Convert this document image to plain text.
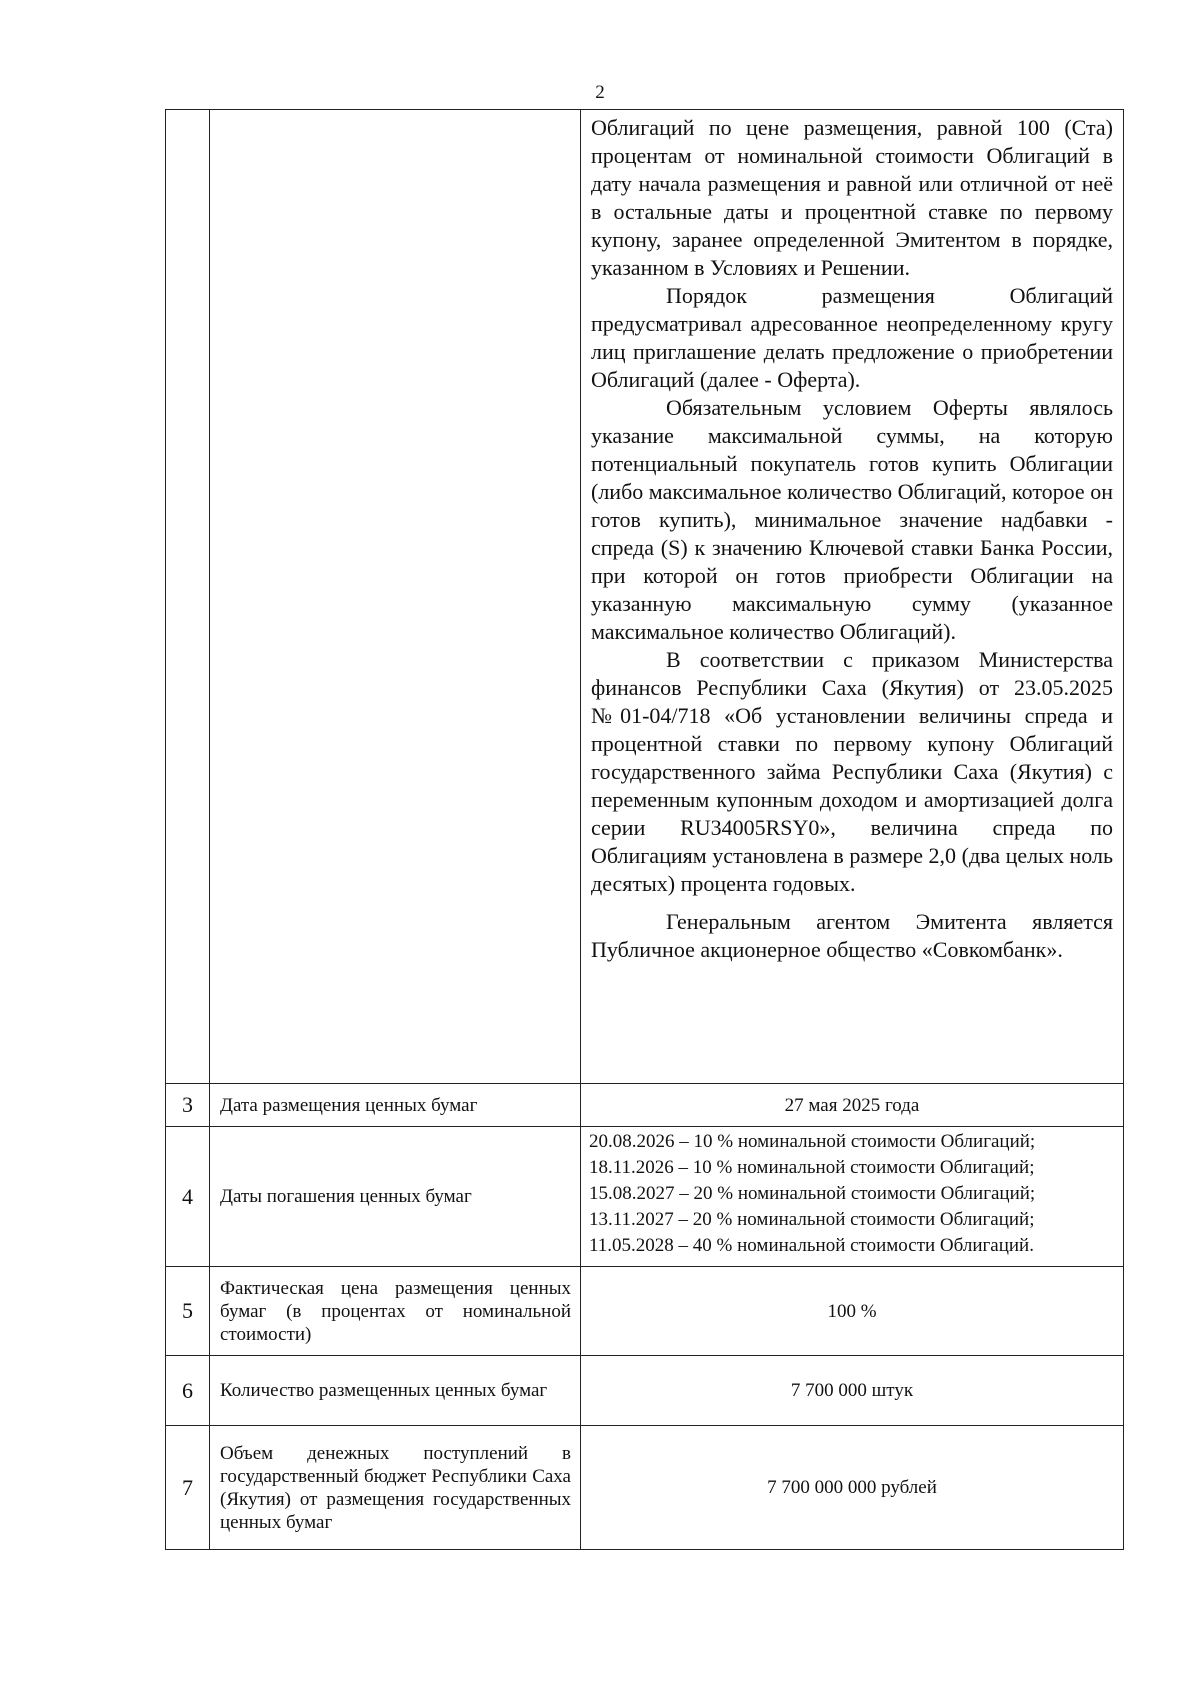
2

		Облигаций по цене размещения, равной 100 (Ста) процентам от номинальной стоимости Облигаций в дату начала размещения и равной или отличной от неё в остальные даты и процентной ставке по первому купону, заранее определенной Эмитентом в порядке, указанном в Условиях и Решении.

Порядок размещения Облигаций предусматривал адресованное неопределенному кругу лиц приглашение делать предложение о приобретении Облигаций (далее - Оферта).

Обязательным условием Оферты являлось указание максимальной суммы, на которую потенциальный покупатель готов купить Облигации (либо максимальное количество Облигаций, которое он готов купить), минимальное значение надбавки - спреда (S) к значению Ключевой ставки Банка России, при которой он готов приобрести Облигации на указанную максимальную сумму (указанное максимальное количество Облигаций).

В соответствии с приказом Министерства финансов Республики Саха (Якутия) от 23.05.2025 №01-04/718 «Об установлении величины спреда и процентной ставки по первому купону Облигаций государственного займа Республики Саха (Якутия) с переменным купонным доходом и амортизацией долга серии RU34005RSY0», величина спреда по Облигациям установлена в размере 2,0 (два целых ноль десятых) процента годовых.

Генеральным агентом Эмитента является Публичное акционерное общество «Совкомбанк».

3	Дата размещения ценных бумаг	27 мая 2025 года
4	Даты погашения ценных бумаг	20.08.2026 – 10 % номинальной стоимости Облигаций;
18.11.2026 – 10 % номинальной стоимости Облигаций;
15.08.2027 – 20 % номинальной стоимости Облигаций;
13.11.2027 – 20 % номинальной стоимости Облигаций;
11.05.2028 – 40 % номинальной стоимости Облигаций.

5	Фактическая цена размещения ценных бумаг (в процентах от номинальной стоимости)	100 %
6	Количество размещенных ценных бумаг	7 700 000 штук
7	Объем денежных поступлений в государственный бюджет Республики Саха (Якутия) от размещения государственных ценных бумаг	7 700 000 000 рублей
